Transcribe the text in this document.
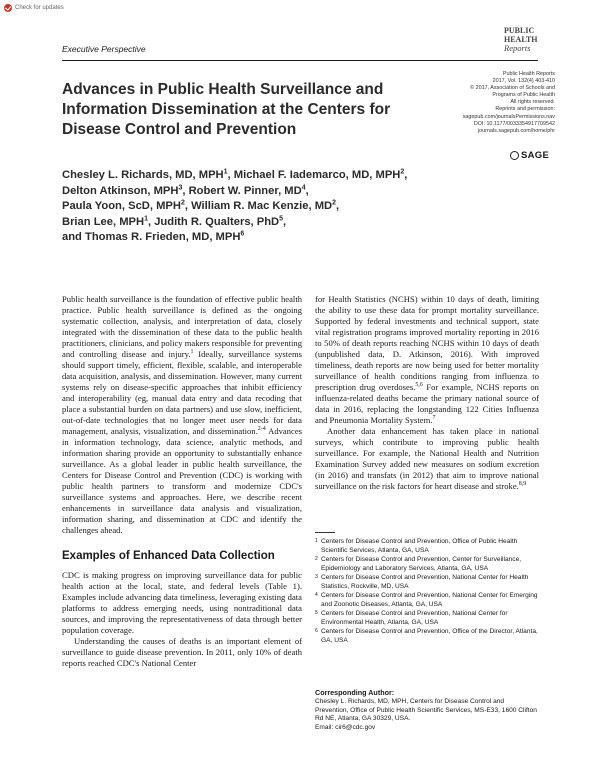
Check for updates
Executive Perspective
PUBLIC
HEALTH
Reports
Advances in Public Health Surveillance and Information Dissemination at the Centers for Disease Control and Prevention
Public Health Reports
2017, Vol. 132(4) 403-410
© 2017, Association of Schools and
Programs of Public Health
All rights reserved.
Reprints and permission:
sagepub.com/journalsPermissions.nav
DOI: 10.1177/0033354917709542
journals.sagepub.com/home/phr
SAGE
Chesley L. Richards, MD, MPH$^1$, Michael F. Iademarco, MD, MPH$^2$,
Delton Atkinson, MPH$^3$, Robert W. Pinner, $MD^4$,
Paula Yoon, ScD, MPH$^2$, William R. Mac Kenzie, $MD^2$,
Brian Lee, MPH$^1$, Judith R. Qualters, PhD$^5$,
and Thomas R. Frieden, MD, MPH$^6$

Public health surveillance is the foundation of effective public health practice. Public health surveillance is defined as the ongoing systematic collection, analysis, and interpretation of data, closely integrated with the dissemination of these data to the public health practitioners, clinicians, and policy makers responsible for preventing and controlling disease and injury.$^1$ Ideally, surveillance systems should support timely, efficient, flexible, scalable, and interoperable data acquisition, analysis, and dissemination. However, many current systems rely on disease-specific approaches that inhibit efficiency and interoperability (eg, manual data entry and data recoding that place a substantial burden on data partners) and use slow, inefficient, out-of-date technologies that no longer meet user needs for data management, analysis, visualization, and dissemination.$^{2-4}$ Advances in information technology, data science, analytic methods, and information sharing provide an opportunity to substantially enhance surveillance. As a global leader in public health surveillance, the Centers for Disease Control and Prevention (CDC) is working with public health partners to transform and modernize CDC's surveillance systems and approaches. Here, we describe recent enhancements in surveillance data analysis and visualization, information sharing, and dissemination at CDC and identify the challenges ahead.

Examples of Enhanced Data Collection

CDC is making progress on improving surveillance data for public health action at the local, state, and federal levels (Table 1). Examples include advancing data timeliness, leveraging existing data platforms to address emerging needs, using nontraditional data sources, and improving the representativeness of data through better population coverage.

Understanding the causes of deaths is an important element of surveillance to guide disease prevention. In 2011, only 10% of death reports reached CDC's National Center

for Health Statistics (NCHS) within 10 days of death, limiting the ability to use these data for prompt mortality surveillance. Supported by federal investments and technical support, state vital registration programs improved mortality reporting in 2016 to 50% of death reports reaching NCHS within 10 days of death (unpublished data, D. Atkinson, 2016). With improved timeliness, death reports are now being used for better mortality surveillance of health conditions ranging from influenza to prescription drug overdoses.$^{5,6}$ For example, NCHS reports on influenza-related deaths became the primary national source of data in 2016, replacing the longstanding 122 Cities Influenza and Pneumonia Mortality System.$^7$

Another data enhancement has taken place in national surveys, which contribute to improving public health surveillance. For example, the National Health and Nutrition Examination Survey added new measures on sodium excretion (in 2016) and transfats (in 2012) that aim to improve national surveillance on the risk factors for heart disease and stroke.$^{8,9}$

1 Centers for Disease Control and Prevention, Office of Public Health Scientific Services, Atlanta, GA, USA
2 Centers for Disease Control and Prevention, Center for Surveillance, Epidemiology and Laboratory Services, Atlanta, GA, USA
3 Centers for Disease Control and Prevention, National Center for Health Statistics, Rockville, MD, USA
4 Centers for Disease Control and Prevention, National Center for Emerging and Zoonotic Diseases, Atlanta, GA, USA
5 Centers for Disease Control and Prevention, National Center for Environmental Health, Atlanta, GA, USA
6 Centers for Disease Control and Prevention, Office of the Director, Atlanta, GA, USA
Corresponding Author:
Chesley L. Richards, MD, MPH, Centers for Disease Control and Prevention, Office of Public Health Scientific Services, MS-E33, 1600 Clifton Rd NE, Atlanta, GA 30329, USA.
Email: cir6@cdc.gov
